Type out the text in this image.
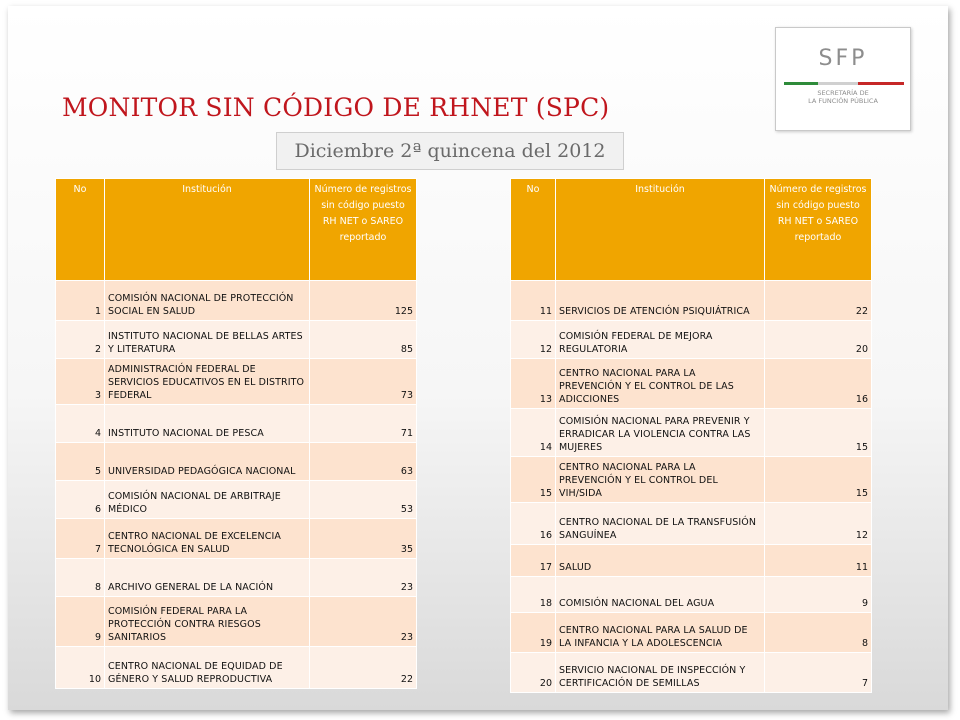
MONITOR SIN CÓDIGO DE RHNET (SPC)
Diciembre 2ª quincena del 2012
SFP
SECRETARÍA DE
LA FUNCIÓN PÚBLICA
No	Institución	Número de registros sin código puesto RH NET o SAREO reportado
1	COMISIÓN NACIONAL DE PROTECCIÓN SOCIAL EN SALUD	125
2	INSTITUTO NACIONAL DE BELLAS ARTES Y LITERATURA	85
3	ADMINISTRACIÓN FEDERAL DE SERVICIOS EDUCATIVOS EN EL DISTRITO FEDERAL	73
4	INSTITUTO NACIONAL DE PESCA	71
5	UNIVERSIDAD PEDAGÓGICA NACIONAL	63
6	COMISIÓN NACIONAL DE ARBITRAJE MÉDICO	53
7	CENTRO NACIONAL DE EXCELENCIA TECNOLÓGICA EN SALUD	35
8	ARCHIVO GENERAL DE LA NACIÓN	23
9	COMISIÓN FEDERAL PARA LA PROTECCIÓN CONTRA RIESGOS SANITARIOS	23
10	CENTRO NACIONAL DE EQUIDAD DE GÉNERO Y SALUD REPRODUCTIVA	22
No	Institución	Número de registros sin código puesto RH NET o SAREO reportado
11	SERVICIOS DE ATENCIÓN PSIQUIÁTRICA	22
12	COMISIÓN FEDERAL DE MEJORA REGULATORIA	20
13	CENTRO NACIONAL PARA LA PREVENCIÓN Y EL CONTROL DE LAS ADICCIONES	16
14	COMISIÓN NACIONAL PARA PREVENIR Y ERRADICAR LA VIOLENCIA CONTRA LAS MUJERES	15
15	CENTRO NACIONAL PARA LA PREVENCIÓN Y EL CONTROL DEL VIH/SIDA	15
16	CENTRO NACIONAL DE LA TRANSFUSIÓN SANGUÍNEA	12
17	SALUD	11
18	COMISIÓN NACIONAL DEL AGUA	9
19	CENTRO NACIONAL PARA LA SALUD DE LA INFANCIA Y LA ADOLESCENCIA	8
20	SERVICIO NACIONAL DE INSPECCIÓN Y CERTIFICACIÓN DE SEMILLAS	7
